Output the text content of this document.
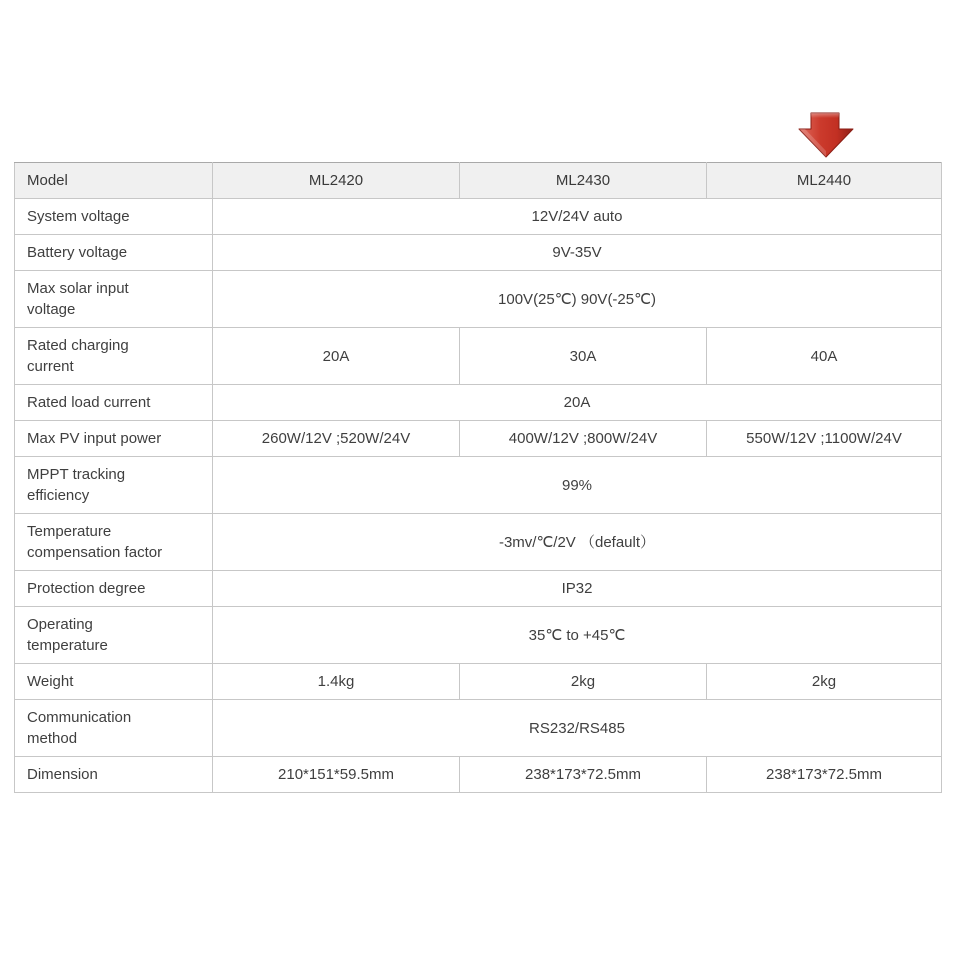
Model	ML2420	ML2430	ML2440
System voltage	12V/24V auto		
Battery voltage	9V-35V		
Max solar input voltage	100V(25℃) 90V(-25℃)		
Rated charging current	20A	30A	40A
Rated load current	20A		
Max PV input power	260W/12V ;520W/24V	400W/12V ;800W/24V	550W/12V ;1100W/24V
MPPT tracking efficiency	99%		
Temperature compensation factor	-3mv/℃/2V （default）		
Protection degree	IP32		
Operating temperature	35℃ to +45℃		
Weight	1.4kg	2kg	2kg
Communication method	RS232/RS485		
Dimension	210*151*59.5mm	238*173*72.5mm	238*173*72.5mm
